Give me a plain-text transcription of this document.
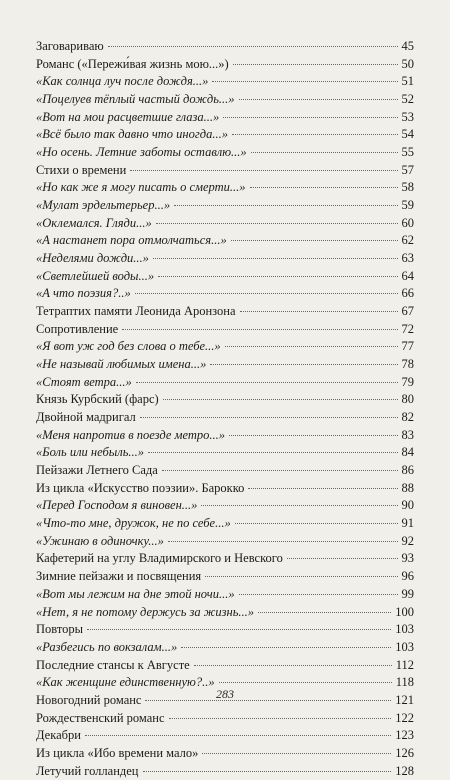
Заговариваю	45
Романс («Пережи́вая жизнь мою...»)	50
«Как солнца луч после дождя...»	51
«Поцелуев тёплый частый дождь...»	52
«Вот на мои расцветшие глаза...»	53
«Всё было так давно что иногда...»	54
«Но осень. Летние заботы оставлю...»	55
Стихи о времени	57
«Но как же я могу писать о смерти...»	58
«Мулат эрдельтерьер...»	59
«Оклемался. Гляди...»	60
«А настанет пора отмолчаться...»	62
«Неделями дожди...»	63
«Светлейшей воды...»	64
«А что поэзия?..»	66
Тетраптих памяти Леонида Аронзона	67
Сопротивление	72
«Я вот уж год без слова о тебе...»	77
«Не называй любимых имена...»	78
«Стоят ветра...»	79
Князь Курбский (фарс)	80
Двойной мадригал	82
«Меня напротив в поезде метро...»	83
«Боль или небыль...»	84
Пейзажи Летнего Сада	86
Из цикла «Искусство поэзии». Барокко	88
«Перед Господом я виновен...»	90
«Что-то мне, дружок, не по себе...»	91
«Ужинаю в одиночку...»	92
Кафетерий на углу Владимирского и Невского	93
Зимние пейзажи и посвящения	96
«Вот мы лежим на дне этой ночи...»	99
«Нет, я не потому держусь за жизнь...»	100
Повторы	103
«Разбегись по вокзалам...»	103
Последние стансы к Августе	112
«Как женщине единственную?..»	118
Новогодний романс	121
Рождественский романс	122
Декабри	123
Из цикла «Ибо времени мало»	126
Летучий голландец	128
283
